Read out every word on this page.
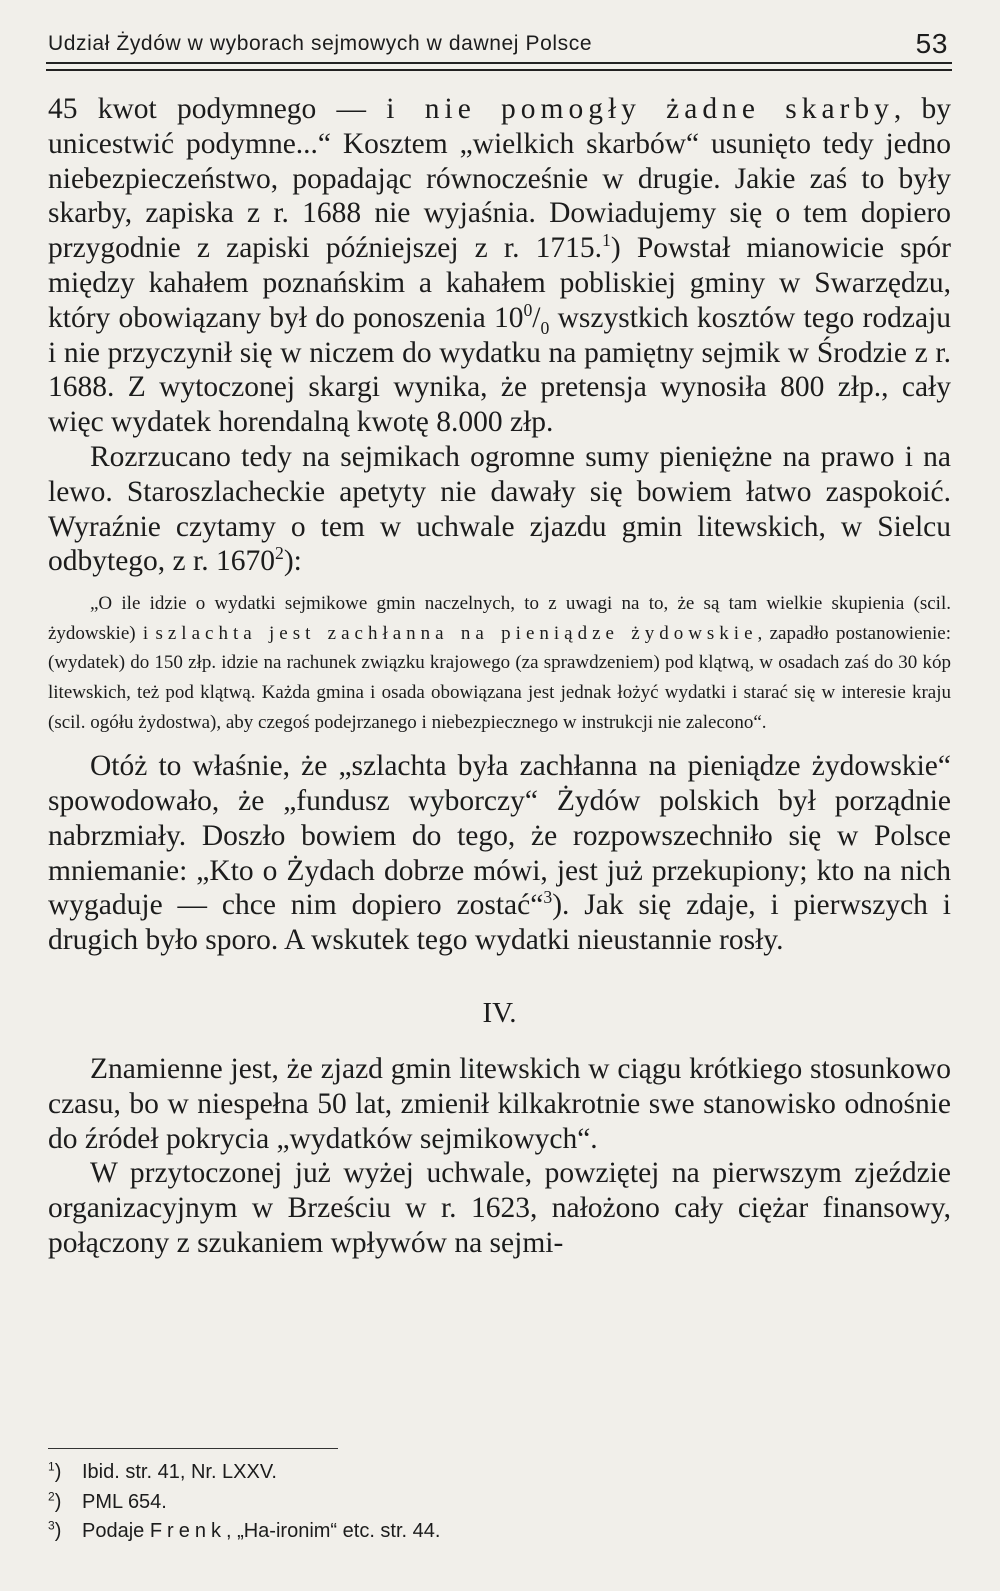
Udział Żydów w wyborach sejmowych w dawnej Polsce	53

45 kwot podymnego — i nie pomogły żadne skarby, by unicestwić podymne...“ Kosztem „wielkich skarbów“ usunięto tedy jedno niebezpieczeństwo, popadając równocześnie w drugie. Jakie zaś to były skarby, zapiska z r. 1688 nie wyjaśnia. Dowiadujemy się o tem dopiero przygodnie z zapiski późniejszej z r. 1715.$^1$) Powstał mianowicie spór między kahałem poznańskim a kahałem pobliskiej gminy w Swarzędzu, który obowiązany był do ponoszenia $10^0/_0$ wszystkich kosztów tego rodzaju i nie przyczynił się w niczem do wydatku na pamiętny sejmik w Środzie z r. 1688. Z wytoczonej skargi wynika, że pretensja wynosiła 800 złp., cały więc wydatek horendalną kwotę 8.000 złp.

Rozrzucano tedy na sejmikach ogromne sumy pieniężne na prawo i na lewo. Staroszlacheckie apetyty nie dawały się bowiem łatwo zaspokoić. Wyraźnie czytamy o tem w uchwale zjazdu gmin litewskich, w Sielcu odbytego, z r. 1670$^2$):

„O ile idzie o wydatki sejmikowe gmin naczelnych, to z uwagi na to, że są tam wielkie skupienia (scil. żydowskie) i szlachta jest zachłanna na pieniądze żydowskie, zapadło postanowienie: (wydatek) do 150 złp. idzie na rachunek związku krajowego (za sprawdzeniem) pod klątwą, w osadach zaś do 30 kóp litewskich, też pod klątwą. Każda gmina i osada obowiązana jest jednak łożyć wydatki i starać się w interesie kraju (scil. ogółu żydostwa), aby czegoś podejrzanego i niebezpiecznego w instrukcji nie zalecono“.

Otóż to właśnie, że „szlachta była zachłanna na pieniądze żydowskie“ spowodowało, że „fundusz wyborczy“ Żydów polskich był porządnie nabrzmiały. Doszło bowiem do tego, że rozpowszechniło się w Polsce mniemanie: „Kto o Żydach dobrze mówi, jest już przekupiony; kto na nich wygaduje — chce nim dopiero zostać“$^3$). Jak się zdaje, i pierwszych i drugich było sporo. A wskutek tego wydatki nieustannie rosły.

IV.

Znamienne jest, że zjazd gmin litewskich w ciągu krótkiego stosunkowo czasu, bo w niespełna 50 lat, zmienił kilkakrotnie swe stanowisko odnośnie do źródeł pokrycia „wydatków sejmikowych“.

W przytoczonej już wyżej uchwale, powziętej na pierwszym zjeździe organizacyjnym w Brześciu w r. 1623, nałożono cały ciężar finansowy, połączony z szukaniem wpływów na sejmi-

$^1$) Ibid. str. 41, Nr. LXXV.
$^2$) PML 654.
$^3$) Podaje Frenk, „Ha-ironim“ etc. str. 44.
